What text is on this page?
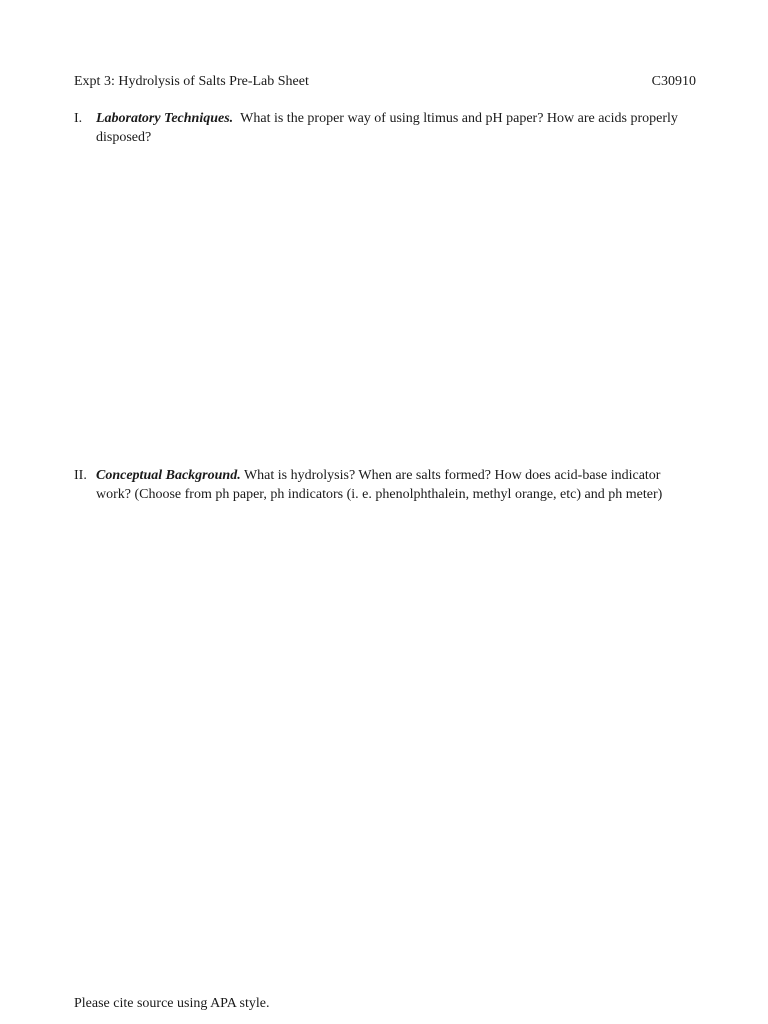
Expt 3: Hydrolysis of Salts Pre-Lab Sheet	C30910
I. Laboratory Techniques. What is the proper way of using ltimus and pH paper? How are acids properly disposed?
II. Conceptual Background. What is hydrolysis? When are salts formed? How does acid-base indicator work? (Choose from ph paper, ph indicators (i. e. phenolphthalein, methyl orange, etc) and ph meter)
Please cite source using APA style.
